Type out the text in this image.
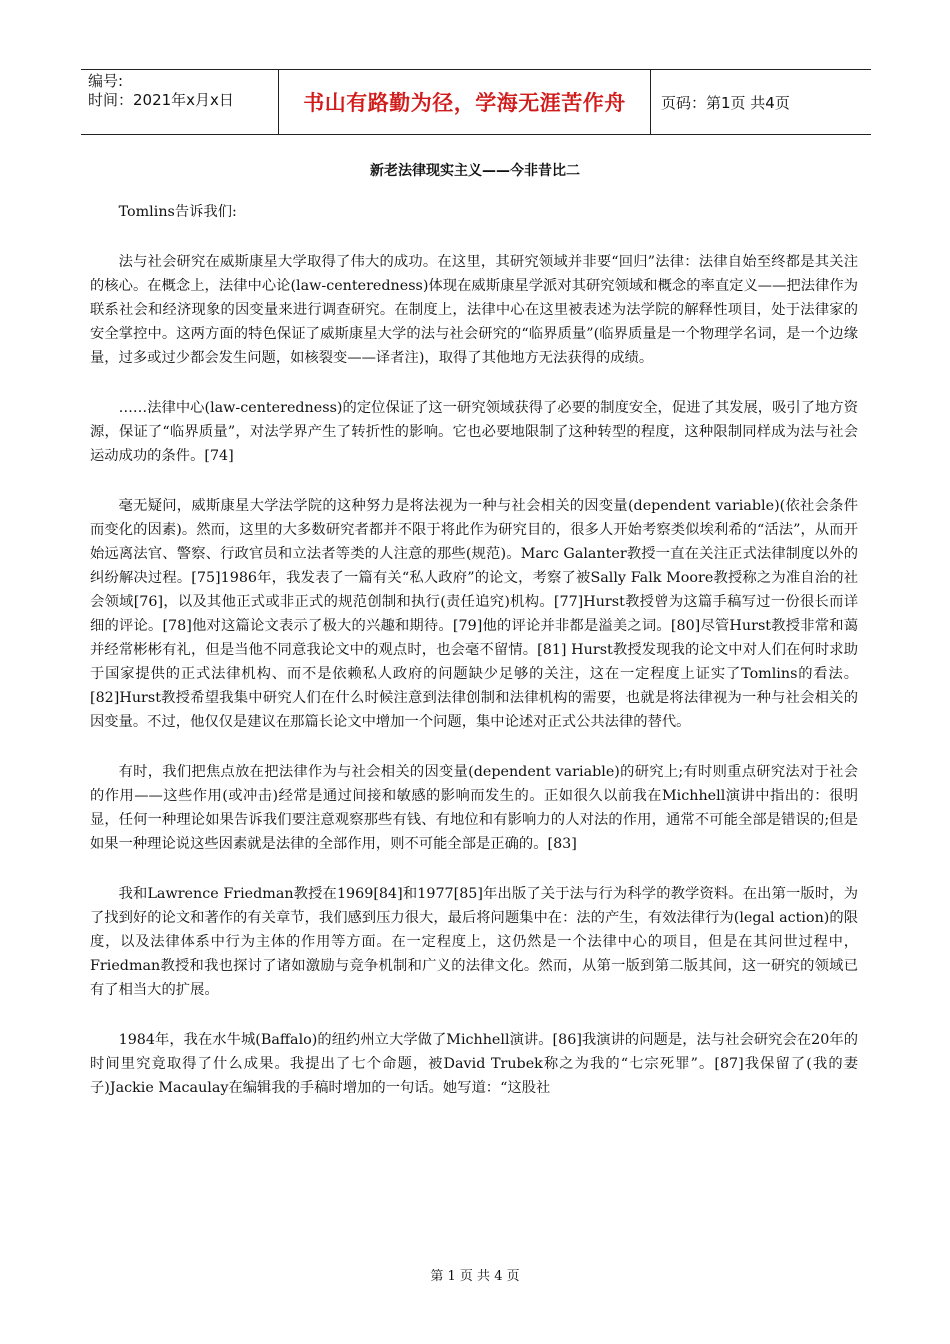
编号:
时间：2021年x月x日	书山有路勤为径，学海无涯苦作舟 页码：第1页 共4页
新老法律现实主义——今非昔比二

Tomlins告诉我们:

法与社会研究在威斯康星大学取得了伟大的成功。在这里，其研究领域并非要“回归”法律：法律自始至终都是其关注的核心。在概念上，法律中心论(law-centeredness)体现在威斯康星学派对其研究领域和概念的率直定义——把法律作为联系社会和经济现象的因变量来进行调查研究。在制度上，法律中心在这里被表述为法学院的解释性项目，处于法律家的安全掌控中。这两方面的特色保证了威斯康星大学的法与社会研究的“临界质量”(临界质量是一个物理学名词，是一个边缘量，过多或过少都会发生问题，如核裂变——译者注)，取得了其他地方无法获得的成绩。

……法律中心(law-centeredness)的定位保证了这一研究领域获得了必要的制度安全，促进了其发展，吸引了地方资源，保证了“临界质量”，对法学界产生了转折性的影响。它也必要地限制了这种转型的程度，这种限制同样成为法与社会运动成功的条件。[74]

毫无疑问，威斯康星大学法学院的这种努力是将法视为一种与社会相关的因变量(dependent variable)(依社会条件而变化的因素)。然而，这里的大多数研究者都并不限于将此作为研究目的，很多人开始考察类似埃利希的“活法”，从而开始远离法官、警察、行政官员和立法者等类的人注意的那些(规范)。Marc Galanter教授一直在关注正式法律制度以外的纠纷解决过程。[75]1986年，我发表了一篇有关“私人政府”的论文，考察了被Sally Falk Moore教授称之为准自治的社会领域[76]，以及其他正式或非正式的规范创制和执行(责任追究)机构。[77]Hurst教授曾为这篇手稿写过一份很长而详细的评论。[78]他对这篇论文表示了极大的兴趣和期待。[79]他的评论并非都是溢美之词。[80]尽管Hurst教授非常和蔼并经常彬彬有礼，但是当他不同意我论文中的观点时，也会毫不留情。[81] Hurst教授发现我的论文中对人们在何时求助于国家提供的正式法律机构、而不是依赖私人政府的问题缺少足够的关注，这在一定程度上证实了Tomlins的看法。[82]Hurst教授希望我集中研究人们在什么时候注意到法律创制和法律机构的需要，也就是将法律视为一种与社会相关的因变量。不过，他仅仅是建议在那篇长论文中增加一个问题，集中论述对正式公共法律的替代。

有时，我们把焦点放在把法律作为与社会相关的因变量(dependent variable)的研究上;有时则重点研究法对于社会的作用——这些作用(或冲击)经常是通过间接和敏感的影响而发生的。正如很久以前我在Michhell演讲中指出的：很明显，任何一种理论如果告诉我们要注意观察那些有钱、有地位和有影响力的人对法的作用，通常不可能全部是错误的;但是如果一种理论说这些因素就是法律的全部作用，则不可能全部是正确的。[83]

我和Lawrence Friedman教授在1969[84]和1977[85]年出版了关于法与行为科学的教学资料。在出第一版时，为了找到好的论文和著作的有关章节，我们感到压力很大，最后将问题集中在：法的产生，有效法律行为(legal action)的限度，以及法律体系中行为主体的作用等方面。在一定程度上，这仍然是一个法律中心的项目，但是在其问世过程中，Friedman教授和我也探讨了诸如激励与竞争机制和广义的法律文化。然而，从第一版到第二版其间，这一研究的领域已有了相当大的扩展。

1984年，我在水牛城(Baffalo)的纽约州立大学做了Michhell演讲。[86]我演讲的问题是，法与社会研究会在20年的时间里究竟取得了什么成果。我提出了七个命题，被David Trubek称之为我的“七宗死罪”。[87]我保留了(我的妻子)Jackie Macaulay在编辑我的手稿时增加的一句话。她写道：“这股社

第 1 页 共 4 页
